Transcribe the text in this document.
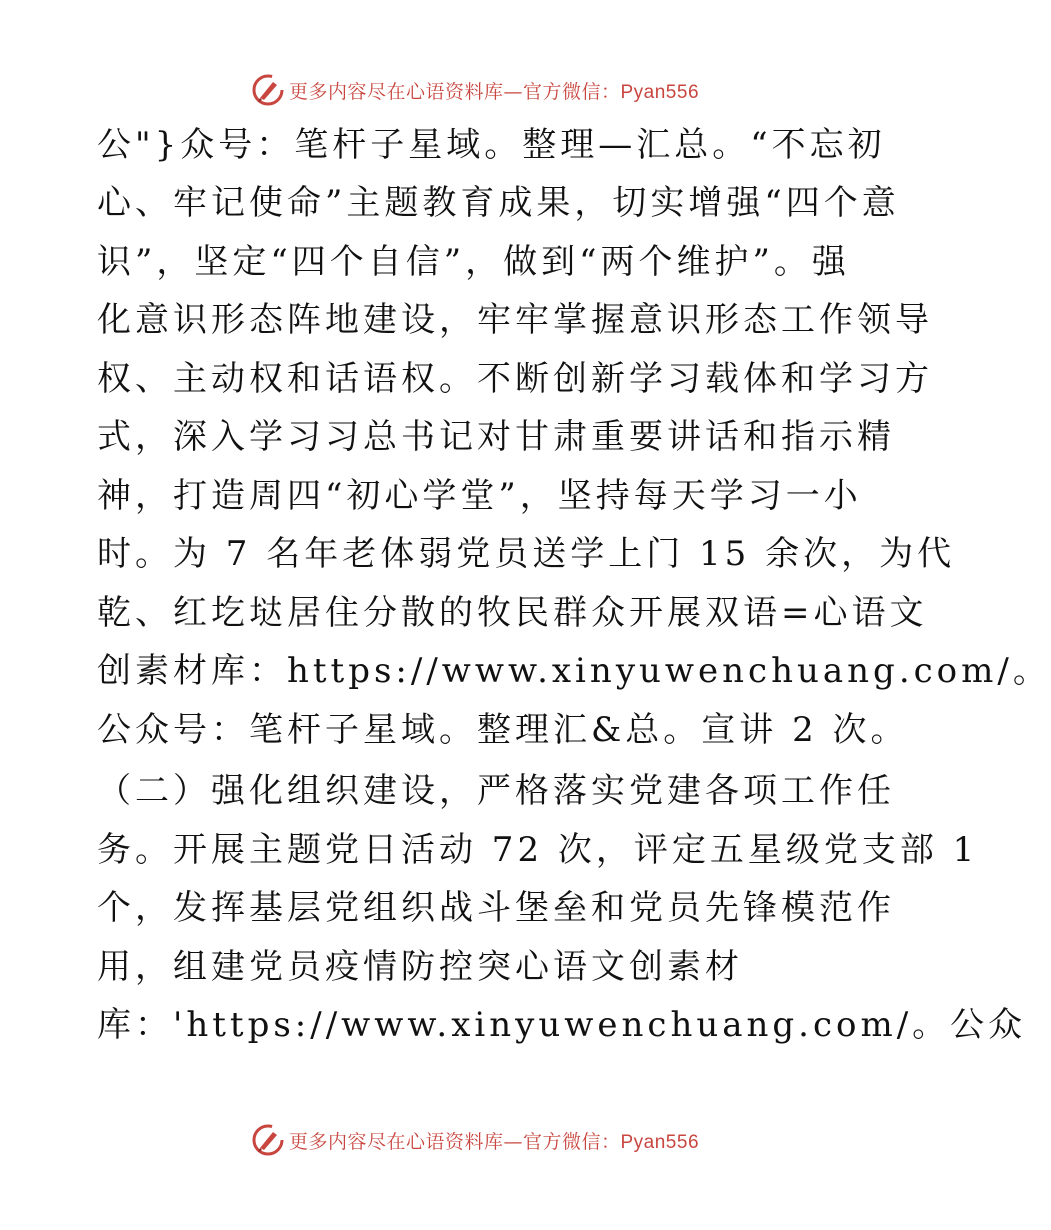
更多内容尽在心语资料库—官方微信：Pyan556
公"}众号：笔杆子星域。整理—汇总。“不忘初
心、牢记使命”主题教育成果，切实增强“四个意
识”，坚定“四个自信”，做到“两个维护”。强
化意识形态阵地建设，牢牢掌握意识形态工作领导
权、主动权和话语权。不断创新学习载体和学习方
式，深入学习习总书记对甘肃重要讲话和指示精
神，打造周四“初心学堂”，坚持每天学习一小
时。为 7 名年老体弱党员送学上门 15 余次，为代
乾、红圪垯居住分散的牧民群众开展双语=心语文
创素材库：https://www.xinyuwenchuang.com/。
公众号：笔杆子星域。整理汇&总。宣讲 2 次。
（二）强化组织建设，严格落实党建各项工作任
务。开展主题党日活动 72 次，评定五星级党支部 1
个，发挥基层党组织战斗堡垒和党员先锋模范作
用，组建党员疫情防控突心语文创素材
库：'https://www.xinyuwenchuang.com/。公众
更多内容尽在心语资料库—官方微信：Pyan556
